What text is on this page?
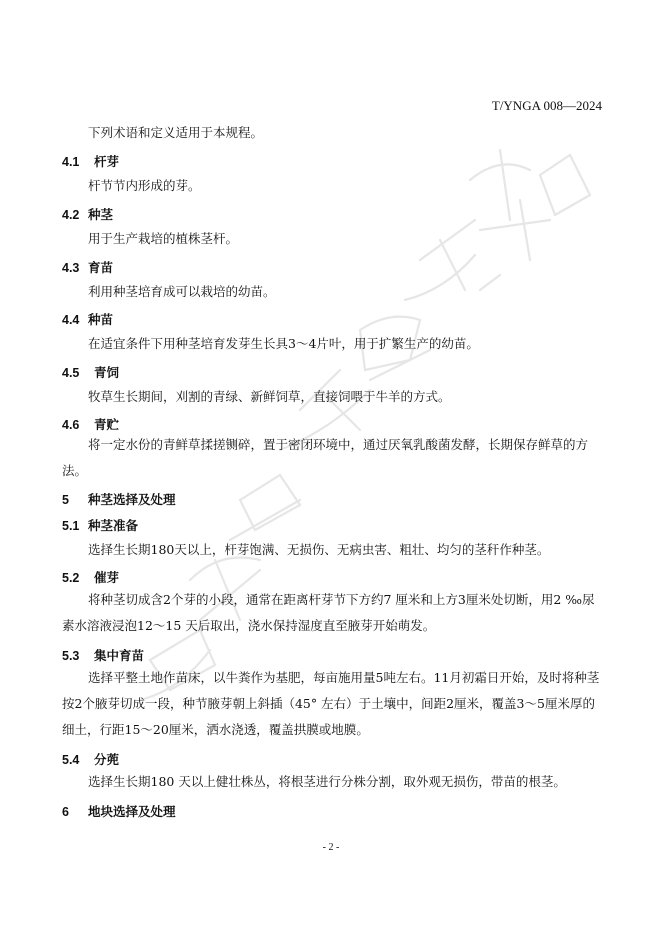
T/YNGA 008—2024
下列术语和定义适用于本规程。
4.1 杆芽
杆节节内形成的芽。
4.2 种茎
用于生产栽培的植株茎杆。
4.3 育苗
利用种茎培育成可以栽培的幼苗。
4.4 种苗
在适宜条件下用种茎培育发芽生长具3～4片叶，用于扩繁生产的幼苗。
4.5 青饲
牧草生长期间，刈割的青绿、新鲜饲草，直接饲喂于牛羊的方式。
4.6 青贮
将一定水份的青鲜草揉搓铡碎，置于密闭环境中，通过厌氧乳酸菌发酵，长期保存鲜草的方法。
5 种茎选择及处理
5.1 种茎准备
选择生长期180天以上，杆芽饱满、无损伤、无病虫害、粗壮、均匀的茎秆作种茎。
5.2 催芽
将种茎切成含2个芽的小段，通常在距离杆芽节下方约7 厘米和上方3厘米处切断，用2 ‰尿素水溶液浸泡12～15 天后取出，浇水保持湿度直至腋芽开始萌发。
5.3 集中育苗
选择平整土地作苗床，以牛粪作为基肥，每亩施用量5吨左右。11月初霜日开始，及时将种茎按2个腋芽切成一段，种节腋芽朝上斜插（45° 左右）于土壤中，间距2厘米，覆盖3～5厘米厚的细土，行距15～20厘米，洒水浇透，覆盖拱膜或地膜。
5.4 分蔸
选择生长期180 天以上健壮株丛，将根茎进行分株分割，取外观无损伤，带苗的根茎。
6 地块选择及处理
- 2 -
